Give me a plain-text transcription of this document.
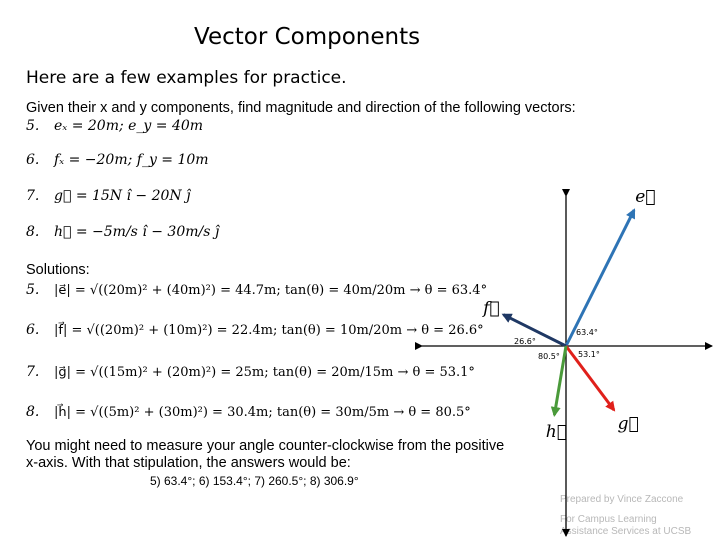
Vector Components
Here are a few examples for practice.
Given their x and y components, find magnitude and direction of the following vectors:
5. eₓ = 20m; e_y = 40m
6. fₓ = −20m; f_y = 10m
7. g⃗ = 15N î − 20N ĵ
8. h⃗ = −5m/s î − 30m/s ĵ
Solutions:
5. |e⃗| = √((20m)² + (40m)²) = 44.7m; tan(θ) = 40m/20m → θ = 63.4°
6. |f⃗| = √((20m)² + (10m)²) = 22.4m; tan(θ) = 10m/20m → θ = 26.6°
7. |g⃗| = √((15m)² + (20m)²) = 25m; tan(θ) = 20m/15m → θ = 53.1°
8. |h⃗| = √((5m)² + (30m)²) = 30.4m; tan(θ) = 30m/5m → θ = 80.5°
You might need to measure your angle counter-clockwise from the positive x-axis. With that stipulation, the answers would be:
5) 63.4°; 6) 153.4°; 7) 260.5°; 8) 306.9°
Prepared by Vince Zaccone
For Campus Learning
Assistance Services at UCSB
e⃗
f⃗
g⃗
h⃗
63.4°
26.6°
53.1°
80.5°
